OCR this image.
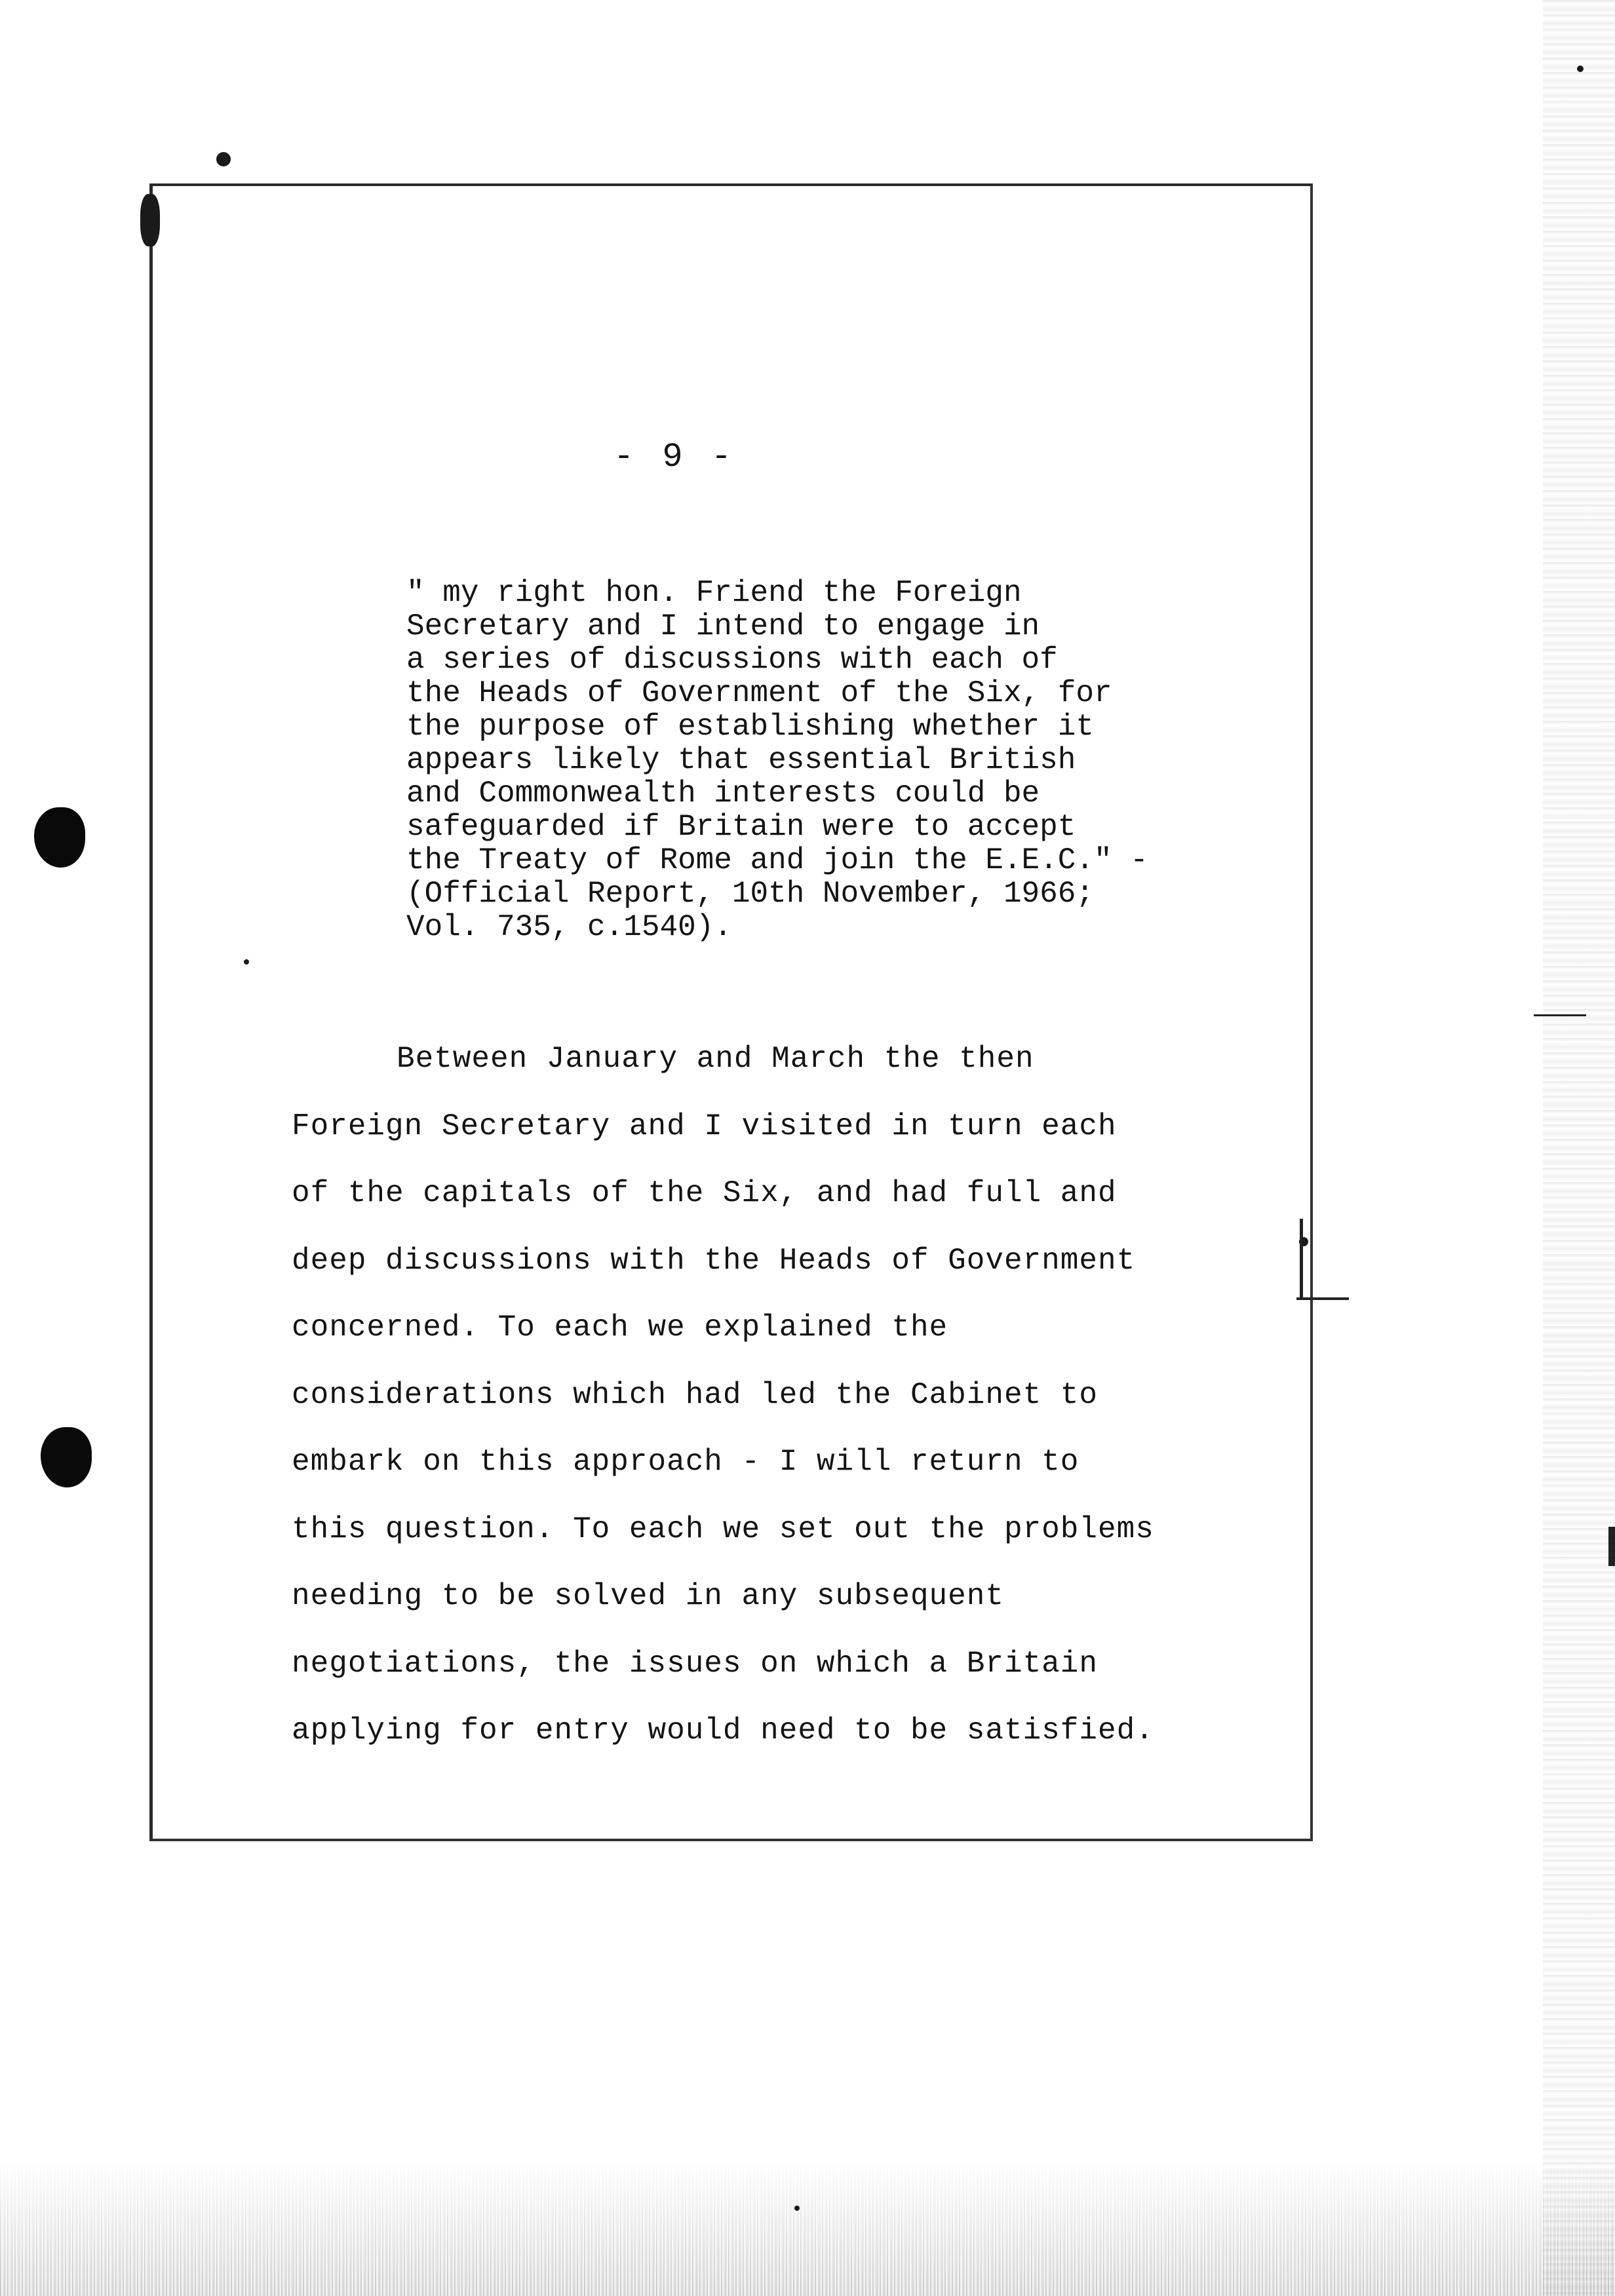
- 9 -
" my right hon. Friend the Foreign
Secretary and I intend to engage in
a series of discussions with each of
the Heads of Government of the Six, for
the purpose of establishing whether it
appears likely that essential British
and Commonwealth interests could be
safeguarded if Britain were to accept
the Treaty of Rome and join the E.E.C." -
(Official Report, 10th November, 1966;
Vol. 735, c.1540).
Between January and March the then
Foreign Secretary and I visited in turn each
of the capitals of the Six, and had full and
deep discussions with the Heads of Government
concerned. To each we explained the
considerations which had led the Cabinet to
embark on this approach - I will return to
this question. To each we set out the problems
needing to be solved in any subsequent
negotiations, the issues on which a Britain
applying for entry would need to be satisfied.
